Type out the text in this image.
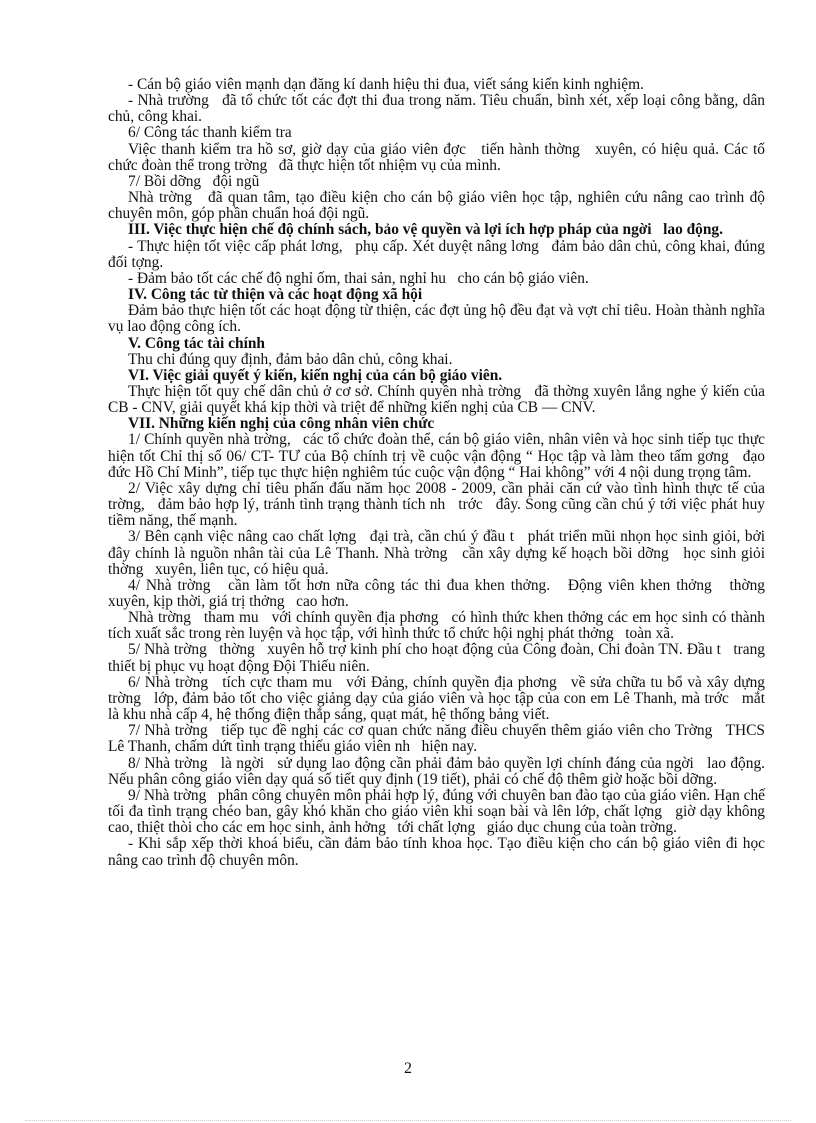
- Cán bộ giáo viên mạnh dạn đăng kí danh hiệu thi đua, viết sáng kiến kinh nghiệm.

- Nhà trường   đã tổ chức tốt các đợt thi đua trong năm. Tiêu chuẩn, bình xét, xếp loại công bằng, dân chủ, công khai.

6/ Công tác thanh kiểm tra

Việc thanh kiểm tra hồ sơ, giờ dạy của giáo viên đợc   tiến hành thờng   xuyên, có hiệu quả. Các tổ chức đoàn thể trong trờng   đã thực hiện tốt nhiệm vụ của mình.

7/ Bồi dỡng   đội ngũ

Nhà trờng   đã quan tâm, tạo điều kiện cho cán bộ giáo viên học tập, nghiên cứu nâng cao trình độ chuyên môn, góp phần chuẩn hoá đội ngũ.

III. Việc thực hiện chế độ chính sách, bảo vệ quyền và lợi ích hợp pháp của ngời   lao động.

- Thực hiện tốt việc cấp phát lơng,   phụ cấp. Xét duyệt nâng lơng   đảm bảo dân chủ, công khai, đúng đối tợng.

- Đảm bảo tốt các chế độ nghỉ ốm, thai sản, nghỉ hu   cho cán bộ giáo viên.

IV. Công tác từ thiện và các hoạt động xã hội

Đảm bảo thực hiện tốt các hoạt động từ thiện, các đợt ủng hộ đều đạt và vợt chỉ tiêu. Hoàn thành nghĩa vụ lao động công ích.

V. Công tác tài chính

Thu chi đúng quy định, đảm bảo dân chủ, công khai.

VI. Việc giải quyết ý kiến, kiến nghị của cán bộ giáo viên.

Thực hiện tốt quy chế dân chủ ở cơ sở. Chính quyền nhà trờng   đã thờng xuyên lắng nghe ý kiến của CB - CNV, giải quyết khá kịp thời và triệt để những kiến nghị của CB — CNV.

VII. Những kiến nghị của công nhân viên chức

1/ Chính quyền nhà trờng,   các tổ chức đoàn thể, cán bộ giáo viên, nhân viên và học sinh tiếp tục thực hiện tốt Chỉ thị số 06/ CT- TƯ của Bộ chính trị về cuộc vận động “ Học tập và làm theo tấm gơng   đạo đức Hồ Chí Minh”, tiếp tục thực hiện nghiêm túc cuộc vận động “ Hai không” với 4 nội dung trọng tâm.

2/ Việc xây dựng chỉ tiêu phấn đấu năm học 2008 - 2009, cần phải căn cứ vào tình hình thực tế của trờng,   đảm bảo hợp lý, tránh tình trạng thành tích nh   trớc   đây. Song cũng cần chú ý tới việc phát huy tiềm năng, thế mạnh.

3/ Bên cạnh việc nâng cao chất lợng   đại trà, cần chú ý đầu t   phát triển mũi nhọn học sinh giỏi, bởi đây chính là nguồn nhân tài của Lê Thanh. Nhà trờng   cần xây dựng kế hoạch bồi dỡng   học sinh giỏi thờng   xuyên, liên tục, có hiệu quả.

4/ Nhà trờng   cần làm tốt hơn nữa công tác thi đua khen thởng.   Động viên khen thởng   thờng   xuyên, kịp thời, giá trị thởng   cao hơn.

Nhà trờng   tham mu   với chính quyền địa phơng   có hình thức khen thởng các em học sinh có thành tích xuất sắc trong rèn luyện và học tập, với hình thức tổ chức hội nghị phát thởng   toàn xã.

5/ Nhà trờng   thờng   xuyên hỗ trợ kinh phí cho hoạt động của Công đoàn, Chi đoàn TN. Đầu t   trang thiết bị phục vụ hoạt động Đội Thiếu niên.

6/ Nhà trờng   tích cực tham mu   với Đảng, chính quyền địa phơng   về sửa chữa tu bổ và xây dựng trờng   lớp, đảm bảo tốt cho việc giảng dạy của giáo viên và học tập của con em Lê Thanh, mà trớc   mắt là khu nhà cấp 4, hệ thống điện thắp sáng, quạt mát, hệ thống bảng viết.

7/ Nhà trờng   tiếp tục đề nghị các cơ quan chức năng điều chuyển thêm giáo viên cho Trờng   THCS Lê Thanh, chấm dứt tình trạng thiếu giáo viên nh   hiện nay.

8/ Nhà trờng   là ngời   sử dụng lao động cần phải đảm bảo quyền lợi chính đáng của ngời   lao động. Nếu phân công giáo viên dạy quá số tiết quy định (19 tiết), phải có chế độ thêm giờ hoặc bồi dỡng.

9/ Nhà trờng   phân công chuyên môn phải hợp lý, đúng với chuyên ban đào tạo của giáo viên. Hạn chế tối đa tình trạng chéo ban, gây khó khăn cho giáo viên khi soạn bài và lên lớp, chất lợng   giờ dạy không cao, thiệt thòi cho các em học sinh, ảnh hởng   tới chất lợng   giáo dục chung của toàn trờng.

- Khi sắp xếp thời khoá biểu, cần đảm bảo tính khoa học. Tạo điều kiện cho cán bộ giáo viên đi học nâng cao trình độ chuyên môn.

2
